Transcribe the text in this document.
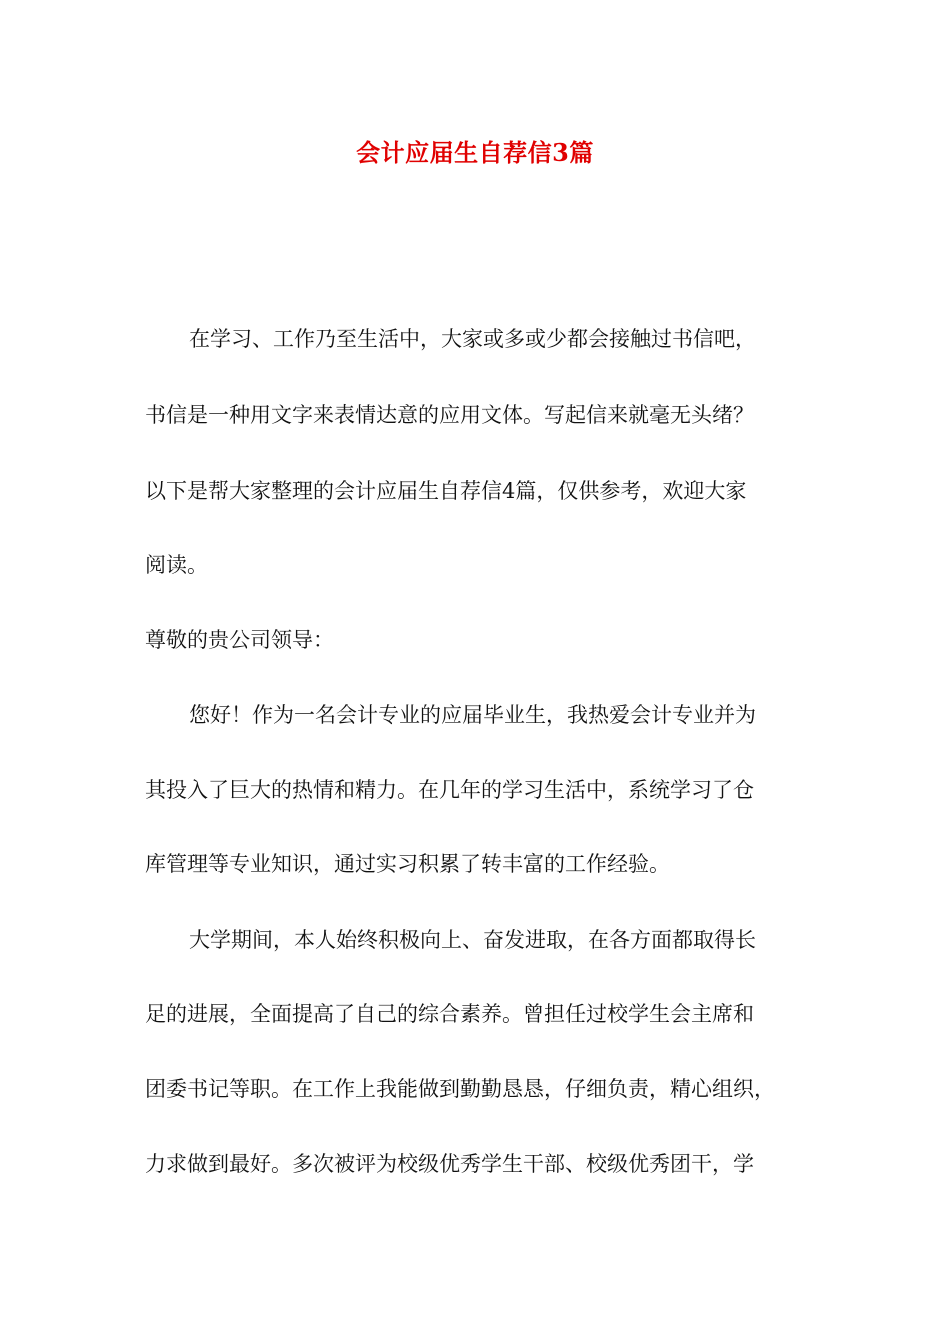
会计应届生自荐信3篇

在学习、工作乃至生活中，大家或多或少都会接触过书信吧，

书信是一种用文字来表情达意的应用文体。写起信来就毫无头绪？

以下是帮大家整理的会计应届生自荐信4篇，仅供参考，欢迎大家

阅读。

尊敬的贵公司领导：

您好！作为一名会计专业的应届毕业生，我热爱会计专业并为

其投入了巨大的热情和精力。在几年的学习生活中，系统学习了仓

库管理等专业知识，通过实习积累了转丰富的工作经验。

大学期间，本人始终积极向上、奋发进取，在各方面都取得长

足的进展，全面提高了自己的综合素养。曾担任过校学生会主席和

团委书记等职。在工作上我能做到勤勤恳恳，仔细负责，精心组织，

力求做到最好。多次被评为校级优秀学生干部、校级优秀团干，学
